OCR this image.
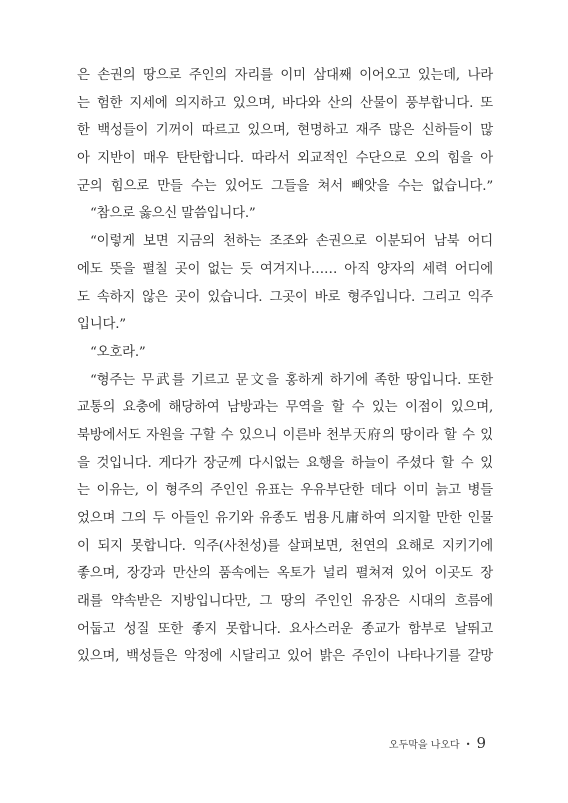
은 손권의 땅으로 주인의 자리를 이미 삼대째 이어오고 있는데, 나라
는 험한 지세에 의지하고 있으며, 바다와 산의 산물이 풍부합니다. 또
한 백성들이 기꺼이 따르고 있으며, 현명하고 재주 많은 신하들이 많
아 지반이 매우 탄탄합니다. 따라서 외교적인 수단으로 오의 힘을 아
군의 힘으로 만들 수는 있어도 그들을 쳐서 빼앗을 수는 없습니다.”
“참으로 옳으신 말씀입니다.”
“이렇게 보면 지금의 천하는 조조와 손권으로 이분되어 남북 어디
에도 뜻을 펼칠 곳이 없는 듯 여겨지나…… 아직 양자의 세력 어디에
도 속하지 않은 곳이 있습니다. 그곳이 바로 형주입니다. 그리고 익주
입니다.”
“오호라.”
“형주는 무武를 기르고 문文을 홍하게 하기에 족한 땅입니다. 또한
교통의 요충에 해당하여 남방과는 무역을 할 수 있는 이점이 있으며,
북방에서도 자원을 구할 수 있으니 이른바 천부天府의 땅이라 할 수 있
을 것입니다. 게다가 장군께 다시없는 요행을 하늘이 주셨다 할 수 있
는 이유는, 이 형주의 주인인 유표는 우유부단한 데다 이미 늙고 병들
었으며 그의 두 아들인 유기와 유종도 범용凡庸하여 의지할 만한 인물
이 되지 못합니다. 익주(사천성)를 살펴보면, 천연의 요해로 지키기에
좋으며, 장강과 만산의 품속에는 옥토가 널리 펼쳐져 있어 이곳도 장
래를 약속받은 지방입니다만, 그 땅의 주인인 유장은 시대의 흐름에
어둡고 성질 또한 좋지 못합니다. 요사스러운 종교가 함부로 날뛰고
있으며, 백성들은 악정에 시달리고 있어 밝은 주인이 나타나기를 갈망
오두막을 나오다 • 9
